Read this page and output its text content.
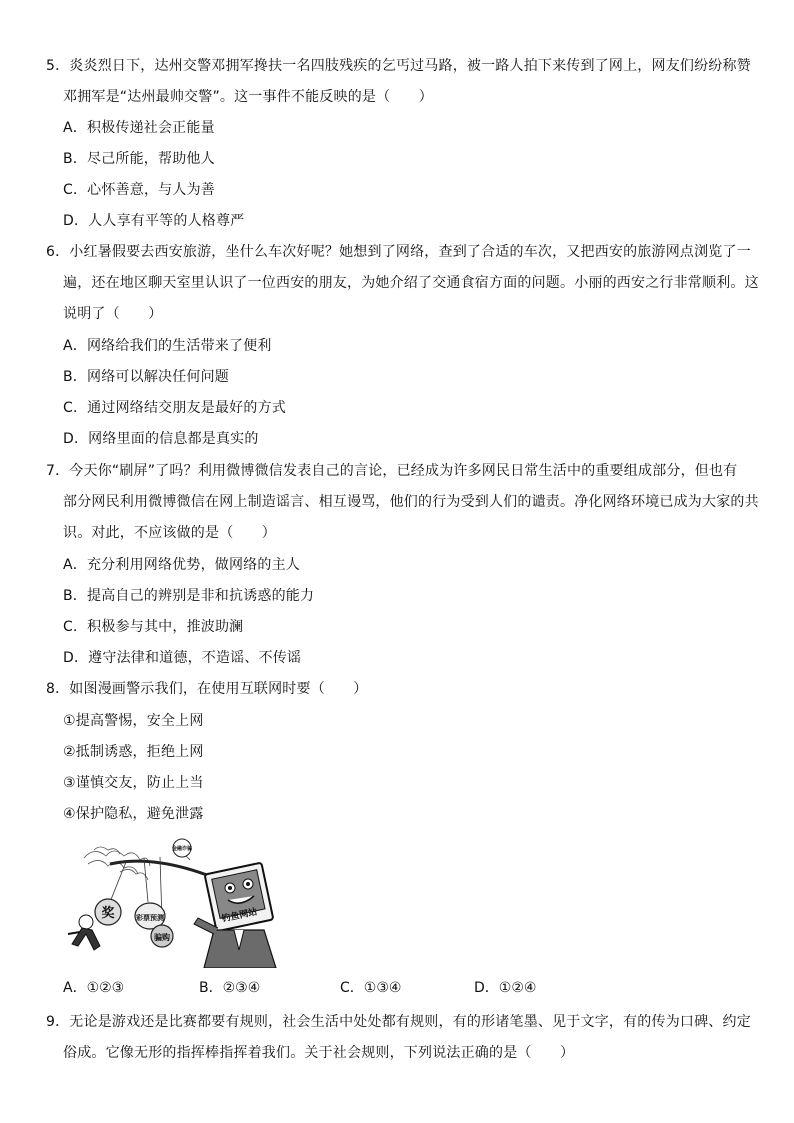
5．炎炎烈日下，达州交警邓拥军搀扶一名四肢残疾的乞丐过马路，被一路人拍下来传到了网上，网友们纷纷称赞
邓拥军是“达州最帅交警”。这一事件不能反映的是（　　）
A．积极传递社会正能量
B．尽己所能，帮助他人
C．心怀善意，与人为善
D．人人享有平等的人格尊严
6．小红暑假要去西安旅游，坐什么车次好呢？她想到了网络，查到了合适的车次，又把西安的旅游网点浏览了一
遍，还在地区聊天室里认识了一位西安的朋友，为她介绍了交通食宿方面的问题。小丽的西安之行非常顺利。这
说明了（　　）
A．网络给我们的生活带来了便利
B．网络可以解决任何问题
C．通过网络结交朋友是最好的方式
D．网络里面的信息都是真实的
7．今天你“刷屏”了吗？利用微博微信发表自己的言论，已经成为许多网民日常生活中的重要组成部分，但也有
部分网民利用微博微信在网上制造谣言、相互谩骂，他们的行为受到人们的谴责。净化网络环境已成为大家的共
识。对此，不应该做的是（　　）
A．充分利用网络优势，做网络的主人
B．提高自己的辨别是非和抗诱惑的能力
C．积极参与其中，推波助澜
D．遵守法律和道德，不造谣、不传谣
8．如图漫画警示我们，在使用互联网时要（　　）
①提高警惕，安全上网
②抵制诱惑，拒绝上网
③谨慎交友，防止上当
④保护隐私，避免泄露
奖	彩票预测
骗购
金融诈骗
钓鱼网站
A．①②③	B．②③④	C．①③④	D．①②④
9．无论是游戏还是比赛都要有规则，社会生活中处处都有规则，有的形诸笔墨、见于文字，有的传为口碑、约定
俗成。它像无形的指挥棒指挥着我们。关于社会规则，下列说法正确的是（　　）
